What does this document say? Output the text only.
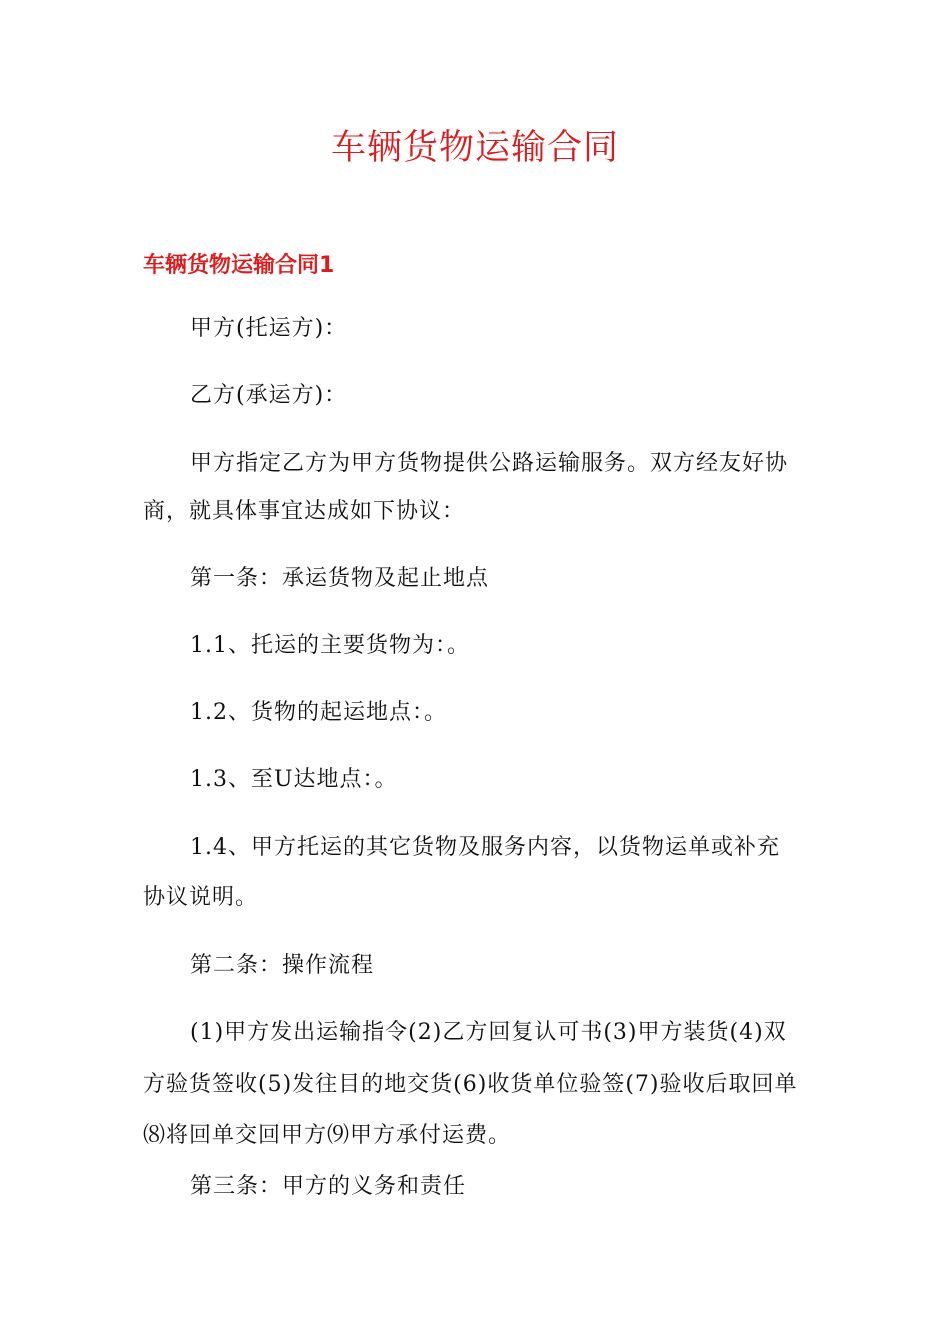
车辆货物运输合同
车辆货物运输合同1
甲方(托运方)：
乙方(承运方)：
甲方指定乙方为甲方货物提供公路运输服务。双方经友好协
商，就具体事宜达成如下协议：
第一条：承运货物及起止地点
1.1、托运的主要货物为：。
1.2、货物的起运地点：。
1.3、至U达地点：。
1.4、甲方托运的其它货物及服务内容，以货物运单或补充
协议说明。
第二条：操作流程
(1)甲方发出运输指令(2)乙方回复认可书(3)甲方装货(4)双
方验货签收(5)发往目的地交货(6)收货单位验签(7)验收后取回单
⑻将回单交回甲方⑼甲方承付运费。
第三条：甲方的义务和责任
